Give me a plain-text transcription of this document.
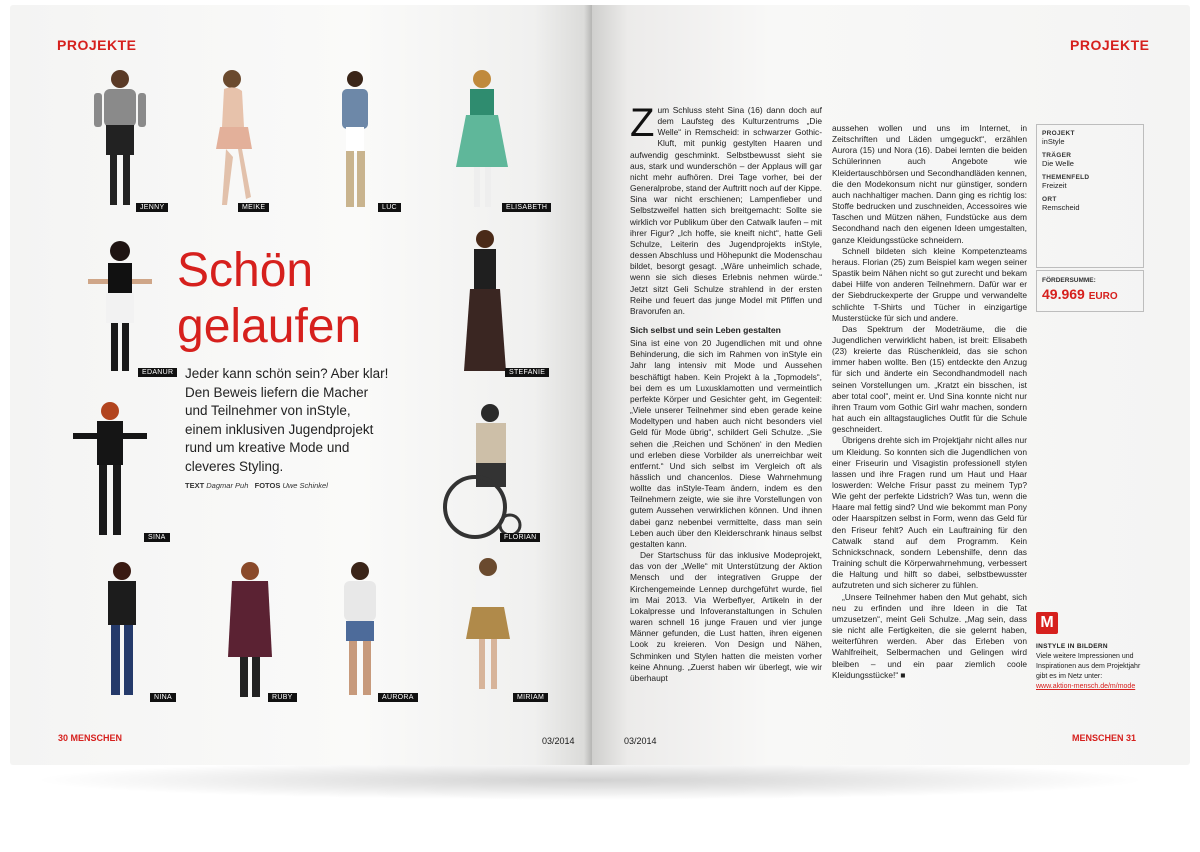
PROJEKTE
JENNY	MEIKE	LUC	ELISABETH
EDANUR	STEFANIE
Schön
gelaufen
Jeder kann schön sein? Aber klar! Den Beweis liefern die Macher und Teilnehmer von inStyle, einem inklusiven Jugendprojekt rund um kreative Mode und cleveres Styling.
TEXT Dagmar Puh FOTOS Uwe Schinkel
SINA	FLORIAN
NINA	RUBY	AURORA	MIRIAM
30 MENSCHEN	03/2014
PROJEKTE

Zum Schluss steht Sina (16) dann doch auf dem Laufsteg des Kulturzentrums „Die Welle“ in Remscheid: in schwarzer Gothic-Kluft, mit punkig gestylten Haaren und aufwendig geschminkt. Selbstbewusst sieht sie aus, stark und wunderschön – der Applaus will gar nicht mehr aufhören. Drei Tage vorher, bei der Generalprobe, stand der Auftritt noch auf der Kippe. Sina war nicht erschienen; Lampenfieber und Selbstzweifel hatten sich breitgemacht: Sollte sie wirklich vor Publikum über den Catwalk laufen – mit ihrer Figur? „Ich hoffe, sie kneift nicht“, hatte Geli Schulze, Leiterin des Jugendprojekts inStyle, dessen Abschluss und Höhepunkt die Modenschau bildet, besorgt gesagt. „Wäre unheimlich schade, wenn sie sich dieses Erlebnis nehmen würde.“ Jetzt sitzt Geli Schulze strahlend in der ersten Reihe und feuert das junge Model mit Pfiffen und Bravorufen an.

Sich selbst und sein Leben gestalten

Sina ist eine von 20 Jugendlichen mit und ohne Behinderung, die sich im Rahmen von inStyle ein Jahr lang intensiv mit Mode und Aussehen beschäftigt haben. Kein Projekt à la „Topmodels“, bei dem es um Luxusklamotten und vermeintlich perfekte Körper und Gesichter geht, im Gegenteil: „Viele unserer Teilnehmer sind eben gerade keine Modeltypen und haben auch nicht besonders viel Geld für Mode übrig“, schildert Geli Schulze. „Sie sehen die ‚Reichen und Schönen‘ in den Medien und erleben diese Vorbilder als unerreichbar weit entfernt.“ Und sich selbst im Vergleich oft als hässlich und chancenlos. Diese Wahrnehmung wollte das inStyle-Team ändern, indem es den Teilnehmern zeigte, wie sie ihre Vorstellungen von gutem Aussehen verwirklichen können. Und ihnen dabei ganz nebenbei vermittelte, dass man sein Leben auch über den Kleiderschrank hinaus selbst gestalten kann.

Der Startschuss für das inklusive Modeprojekt, das von der „Welle“ mit Unterstützung der Aktion Mensch und der integrativen Gruppe der Kirchengemeinde Lennep durchgeführt wurde, fiel im Mai 2013. Via Werbeflyer, Artikeln in der Lokalpresse und Infoveranstaltungen in Schulen waren schnell 16 junge Frauen und vier junge Männer gefunden, die Lust hatten, ihren eigenen Look zu kreieren. Von Design und Nähen, Schminken und Stylen hatten die meisten vorher keine Ahnung. „Zuerst haben wir überlegt, wie wir überhaupt

aussehen wollen und uns im Internet, in Zeitschriften und Läden umgeguckt“, erzählen Aurora (15) und Nora (16). Dabei lernten die beiden Schülerinnen auch Angebote wie Kleidertauschbörsen und Secondhandläden kennen, die den Modekonsum nicht nur günstiger, sondern auch nachhaltiger machen. Dann ging es richtig los: Stoffe bedrucken und zuschneiden, Accessoires wie Taschen und Mützen nähen, Fundstücke aus dem Secondhand nach den eigenen Ideen umgestalten, ganze Kleidungsstücke schneidern.

Schnell bildeten sich kleine Kompetenzteams heraus. Florian (25) zum Beispiel kam wegen seiner Spastik beim Nähen nicht so gut zurecht und bekam dabei Hilfe von anderen Teilnehmern. Dafür war er der Siebdruckexperte der Gruppe und verwandelte schlichte T-Shirts und Tücher in einzigartige Musterstücke für sich und andere.

Das Spektrum der Modeträume, die die Jugendlichen verwirklicht haben, ist breit: Elisabeth (23) kreierte das Rüschenkleid, das sie schon immer haben wollte. Ben (15) entdeckte den Anzug für sich und änderte ein Secondhandmodell nach seinen Vorstellungen um. „Kratzt ein bisschen, ist aber total cool“, meint er. Und Sina konnte nicht nur ihren Traum vom Gothic Girl wahr machen, sondern hat auch ein alltagstaugliches Outfit für die Schule geschneidert.

Übrigens drehte sich im Projektjahr nicht alles nur um Kleidung. So konnten sich die Jugendlichen von einer Friseurin und Visagistin professionell stylen lassen und ihre Fragen rund um Haut und Haar loswerden: Welche Frisur passt zu meinem Typ? Wie geht der perfekte Lidstrich? Was tun, wenn die Haare mal fettig sind? Und wie bekommt man Pony oder Haarspitzen selbst in Form, wenn das Geld für den Friseur fehlt? Auch ein Lauftraining für den Catwalk stand auf dem Programm. Kein Schnickschnack, sondern Lebenshilfe, denn das Training schult die Körperwahrnehmung, verbessert die Haltung und hilft so dabei, selbstbewusster aufzutreten und sich sicherer zu fühlen.

„Unsere Teilnehmer haben den Mut gehabt, sich neu zu erfinden und ihre Ideen in die Tat umzusetzen“, meint Geli Schulze. „Mag sein, dass sie nicht alle Fertigkeiten, die sie gelernt haben, weiterführen werden. Aber das Erleben von Wahlfreiheit, Selbermachen und Gelingen wird bleiben – und ein paar ziemlich coole Kleidungsstücke!“ ■

MENSCHEN 31
03/2014
PROJEKT
inStyle
TRÄGER
Die Welle
THEMENFELD
Freizeit
ORT
Remscheid
FÖRDERSUMME:
49.969 EURO
M
INSTYLE IN BILDERN
Viele weitere Impressionen und Inspirationen aus dem Projektjahr gibt es im Netz unter:
www.aktion-mensch.de/m/mode
